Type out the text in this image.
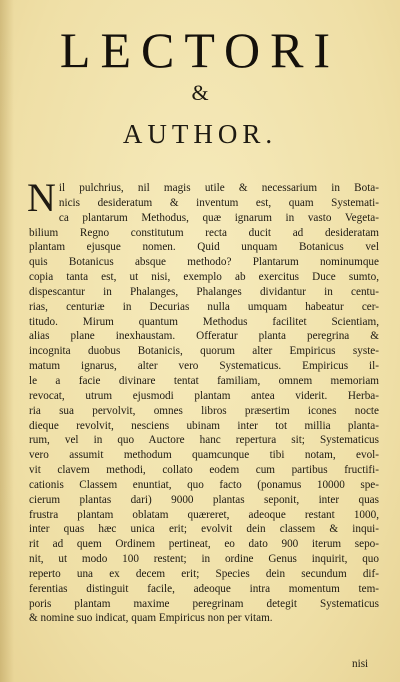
LECTORI
&
AUTHOR.
N il pulchrius, nil magis utile & necessarium in Bota-
nicis desideratum & inventum est, quam Systemati-
ca plantarum Methodus, quæ ignarum in vasto Vegeta-
bilium Regno constitutum recta ducit ad desideratam
plantam ejusque nomen. Quid unquam Botanicus vel
quis Botanicus absque methodo? Plantarum nominumque
copia tanta est, ut nisi, exemplo ab exercitus Duce sumto,
dispescantur in Phalanges, Phalanges dividantur in centu-
rias, centuriæ in Decurias nulla umquam habeatur cer-
titudo. Mirum quantum Methodus facilitet Scientiam,
alias plane inexhaustam. Offeratur planta peregrina &
incognita duobus Botanicis, quorum alter Empiricus syste-
matum ignarus, alter vero Systematicus. Empiricus il-
le a facie divinare tentat familiam, omnem memoriam
revocat, utrum ejusmodi plantam antea viderit. Herba-
ria sua pervolvit, omnes libros præsertim icones nocte
dieque revolvit, nesciens ubinam inter tot millia planta-
rum, vel in quo Auctore hanc repertura sit; Systematicus
vero assumit methodum quamcunque tibi notam, evol-
vit clavem methodi, collato eodem cum partibus fructifi-
cationis Classem enuntiat, quo facto (ponamus 10000 spe-
cierum plantas dari) 9000 plantas seponit, inter quas
frustra plantam oblatam quæreret, adeoque restant 1000,
inter quas hæc unica erit; evolvit dein classem & inqui-
rit ad quem Ordinem pertineat, eo dato 900 iterum sepo-
nit, ut modo 100 restent; in ordine Genus inquirit, quo
reperto una ex decem erit; Species dein secundum dif-
ferentias distinguit facile, adeoque intra momentum tem-
poris plantam maxime peregrinam detegit Systematicus
& nomine suo indicat, quam Empiricus non per vitam.
nisi
